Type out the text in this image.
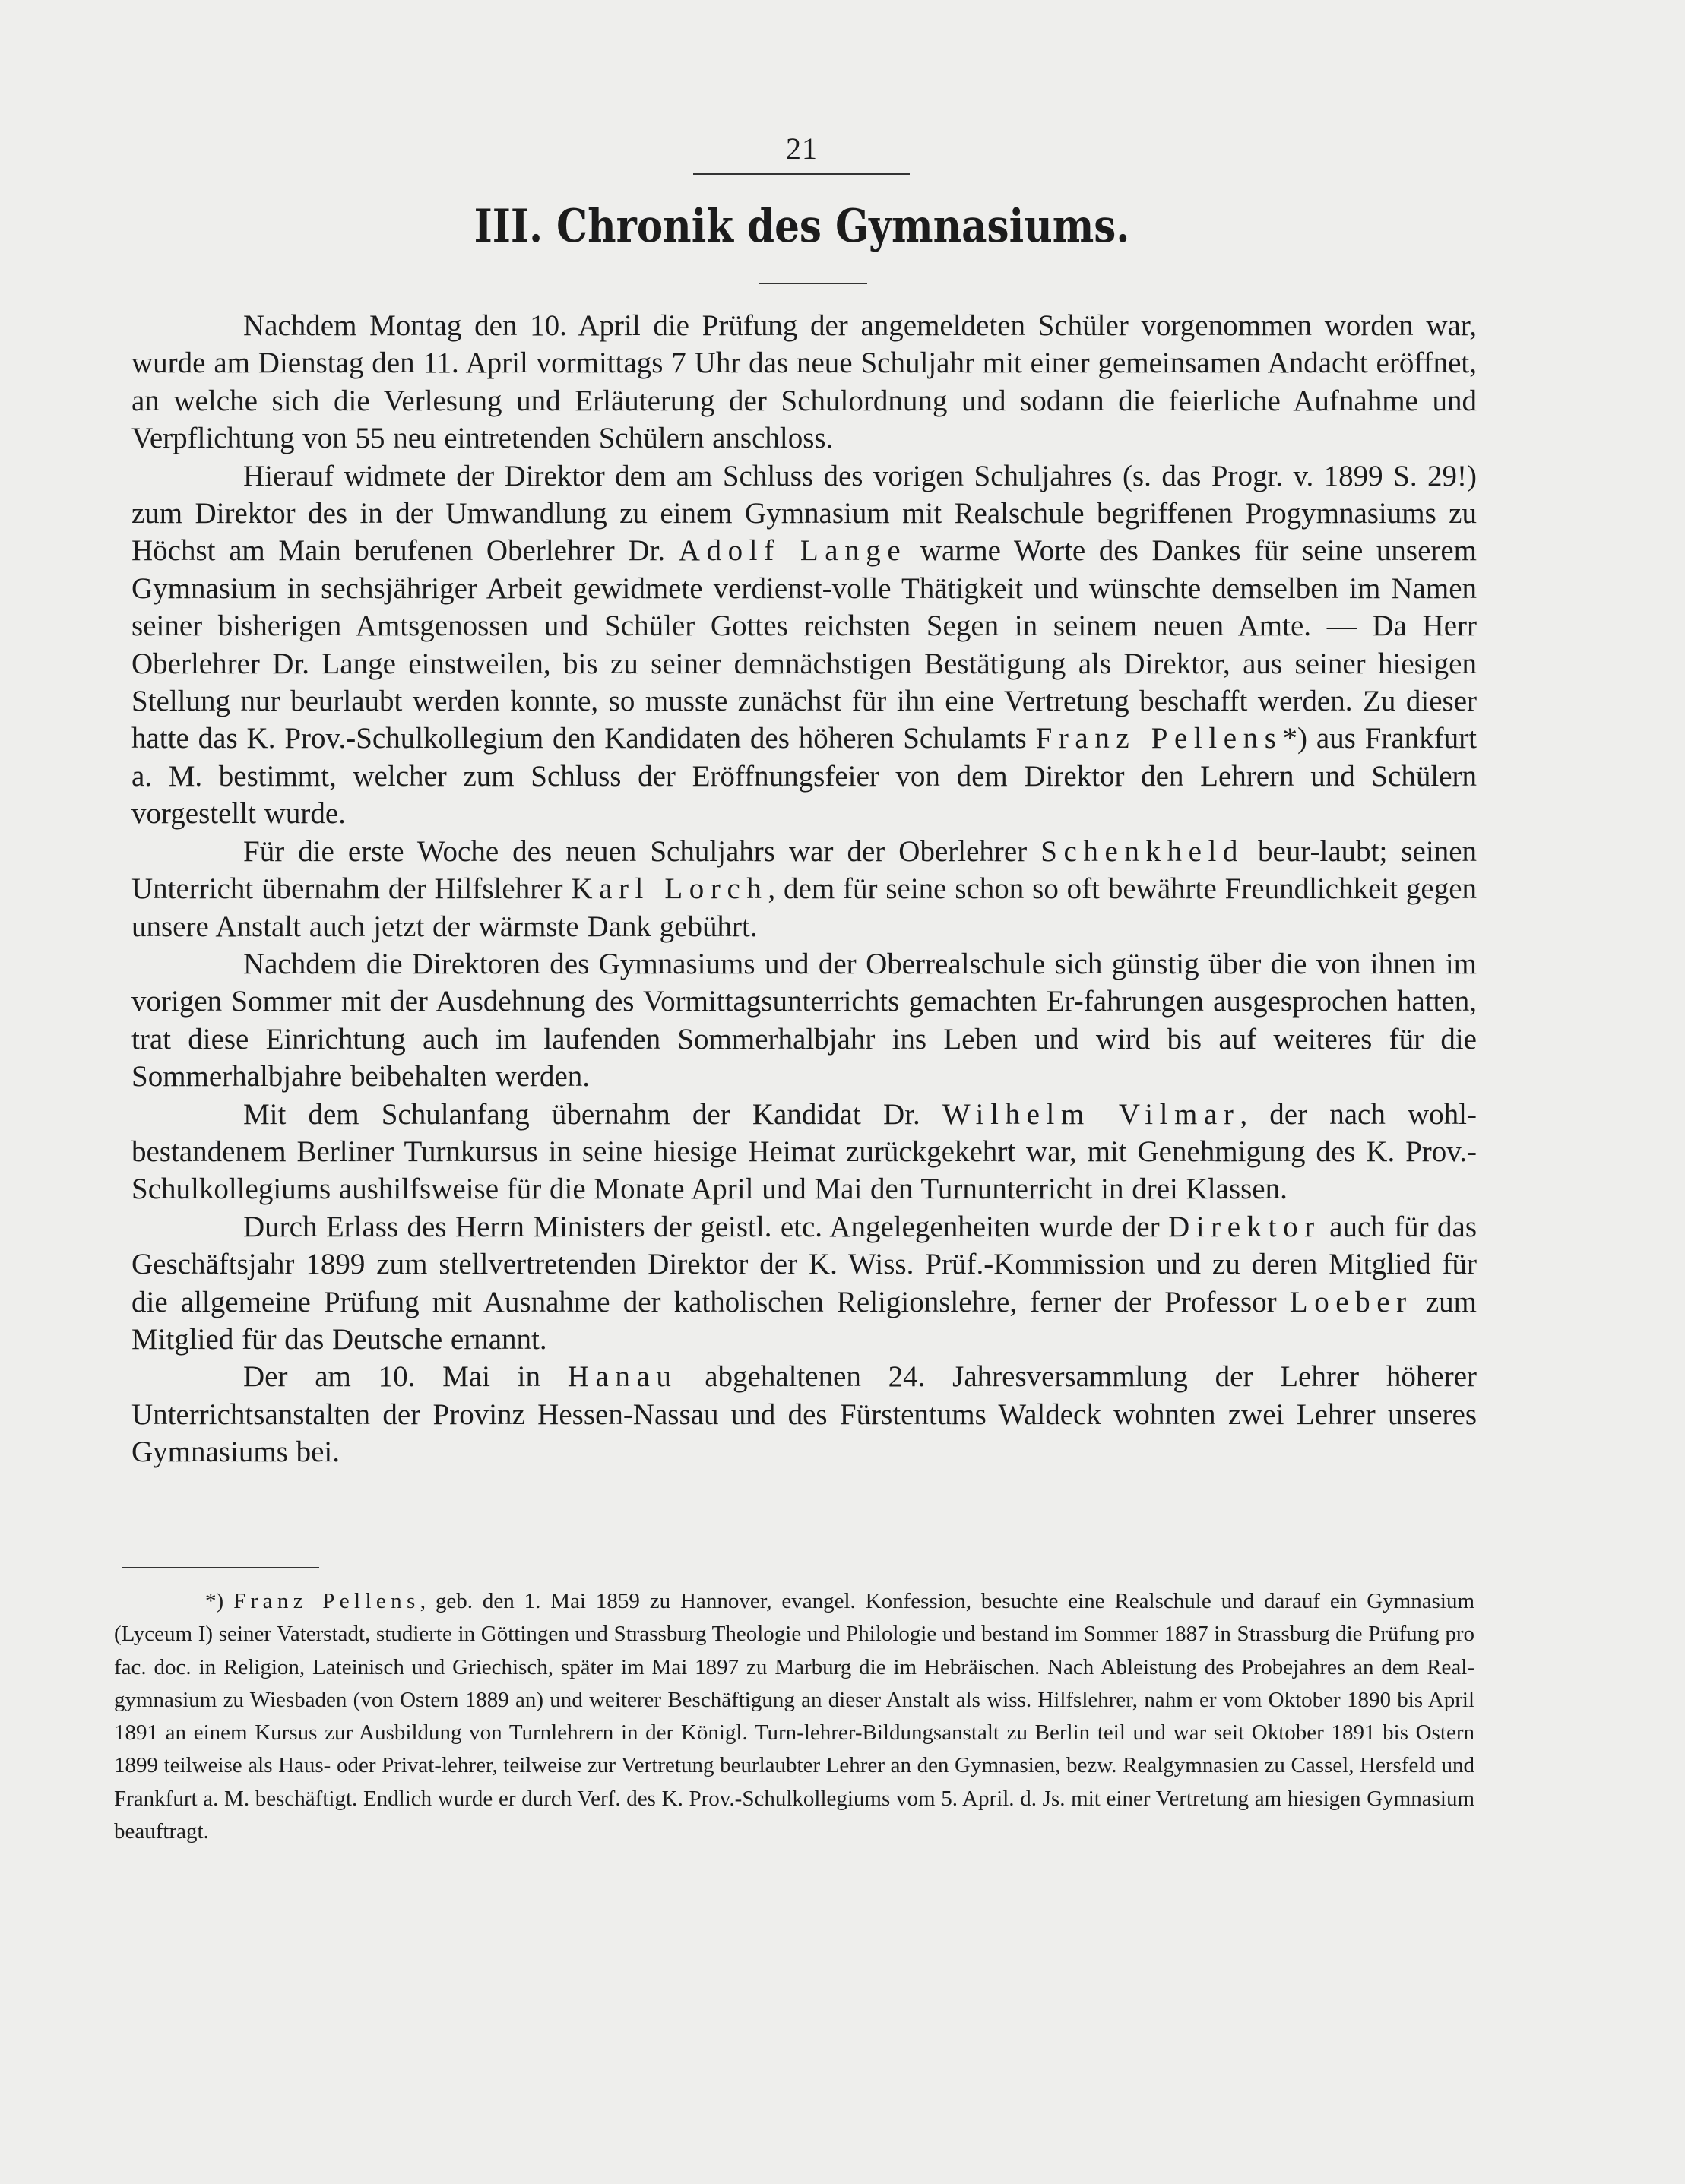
21
III. Chronik des Gymnasiums.

Nachdem Montag den 10. April die Prüfung der angemeldeten Schüler vorgenommen worden war, wurde am Dienstag den 11. April vormittags 7 Uhr das neue Schuljahr mit einer gemeinsamen Andacht eröffnet, an welche sich die Verlesung und Erläuterung der Schulordnung und sodann die feierliche Aufnahme und Verpflichtung von 55 neu eintretenden Schülern anschloss.

Hierauf widmete der Direktor dem am Schluss des vorigen Schuljahres (s. das Progr. v. 1899 S. 29!) zum Direktor des in der Umwandlung zu einem Gymnasium mit Realschule begriffenen Progymnasiums zu Höchst am Main berufenen Oberlehrer Dr. Adolf Lange warme Worte des Dankes für seine unserem Gymnasium in sechsjähriger Arbeit gewidmete verdienst-volle Thätigkeit und wünschte demselben im Namen seiner bisherigen Amtsgenossen und Schüler Gottes reichsten Segen in seinem neuen Amte. — Da Herr Oberlehrer Dr. Lange einstweilen, bis zu seiner demnächstigen Bestätigung als Direktor, aus seiner hiesigen Stellung nur beurlaubt werden konnte, so musste zunächst für ihn eine Vertretung beschafft werden. Zu dieser hatte das K. Prov.-Schulkollegium den Kandidaten des höheren Schulamts Franz Pellens*) aus Frankfurt a. M. bestimmt, welcher zum Schluss der Eröffnungsfeier von dem Direktor den Lehrern und Schülern vorgestellt wurde.

Für die erste Woche des neuen Schuljahrs war der Oberlehrer Schenkheld beur-laubt; seinen Unterricht übernahm der Hilfslehrer Karl Lorch, dem für seine schon so oft bewährte Freundlichkeit gegen unsere Anstalt auch jetzt der wärmste Dank gebührt.

Nachdem die Direktoren des Gymnasiums und der Oberrealschule sich günstig über die von ihnen im vorigen Sommer mit der Ausdehnung des Vormittagsunterrichts gemachten Er-fahrungen ausgesprochen hatten, trat diese Einrichtung auch im laufenden Sommerhalbjahr ins Leben und wird bis auf weiteres für die Sommerhalbjahre beibehalten werden.

Mit dem Schulanfang übernahm der Kandidat Dr. Wilhelm Vilmar, der nach wohl-bestandenem Berliner Turnkursus in seine hiesige Heimat zurückgekehrt war, mit Genehmigung des K. Prov.-Schulkollegiums aushilfsweise für die Monate April und Mai den Turnunterricht in drei Klassen.

Durch Erlass des Herrn Ministers der geistl. etc. Angelegenheiten wurde der Direktor auch für das Geschäftsjahr 1899 zum stellvertretenden Direktor der K. Wiss. Prüf.-Kommission und zu deren Mitglied für die allgemeine Prüfung mit Ausnahme der katholischen Religionslehre, ferner der Professor Loeber zum Mitglied für das Deutsche ernannt.

Der am 10. Mai in Hanau abgehaltenen 24. Jahresversammlung der Lehrer höherer Unterrichtsanstalten der Provinz Hessen-Nassau und des Fürstentums Waldeck wohnten zwei Lehrer unseres Gymnasiums bei.

*) Franz Pellens, geb. den 1. Mai 1859 zu Hannover, evangel. Konfession, besuchte eine Realschule und darauf ein Gymnasium (Lyceum I) seiner Vaterstadt, studierte in Göttingen und Strassburg Theologie und Philologie und bestand im Sommer 1887 in Strassburg die Prüfung pro fac. doc. in Religion, Lateinisch und Griechisch, später im Mai 1897 zu Marburg die im Hebräischen. Nach Ableistung des Probejahres an dem Real-gymnasium zu Wiesbaden (von Ostern 1889 an) und weiterer Beschäftigung an dieser Anstalt als wiss. Hilfslehrer, nahm er vom Oktober 1890 bis April 1891 an einem Kursus zur Ausbildung von Turnlehrern in der Königl. Turn-lehrer-Bildungsanstalt zu Berlin teil und war seit Oktober 1891 bis Ostern 1899 teilweise als Haus- oder Privat-lehrer, teilweise zur Vertretung beurlaubter Lehrer an den Gymnasien, bezw. Realgymnasien zu Cassel, Hersfeld und Frankfurt a. M. beschäftigt. Endlich wurde er durch Verf. des K. Prov.-Schulkollegiums vom 5. April. d. Js. mit einer Vertretung am hiesigen Gymnasium beauftragt.
